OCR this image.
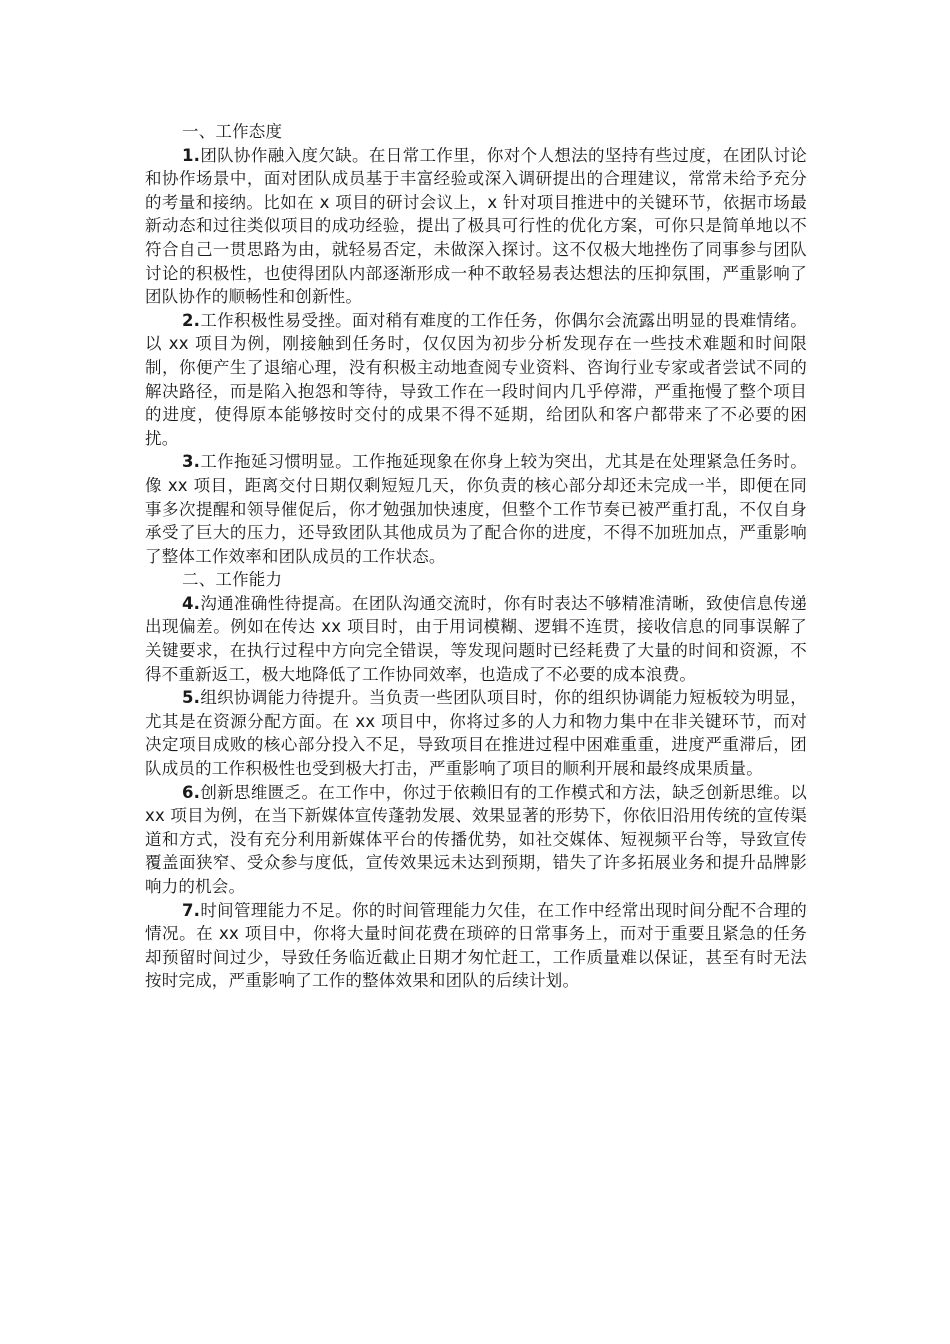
一、工作态度

1.团队协作融入度欠缺。在日常工作里，你对个人想法的坚持有些过度，在团队讨论和协作场景中，面对团队成员基于丰富经验或深入调研提出的合理建议，常常未给予充分的考量和接纳。比如在 x 项目的研讨会议上，x 针对项目推进中的关键环节，依据市场最新动态和过往类似项目的成功经验，提出了极具可行性的优化方案，可你只是简单地以不符合自己一贯思路为由，就轻易否定，未做深入探讨。这不仅极大地挫伤了同事参与团队讨论的积极性，也使得团队内部逐渐形成一种不敢轻易表达想法的压抑氛围，严重影响了团队协作的顺畅性和创新性。

2.工作积极性易受挫。面对稍有难度的工作任务，你偶尔会流露出明显的畏难情绪。以 xx 项目为例，刚接触到任务时，仅仅因为初步分析发现存在一些技术难题和时间限制，你便产生了退缩心理，没有积极主动地查阅专业资料、咨询行业专家或者尝试不同的解决路径，而是陷入抱怨和等待，导致工作在一段时间内几乎停滞，严重拖慢了整个项目的进度，使得原本能够按时交付的成果不得不延期，给团队和客户都带来了不必要的困扰。

3.工作拖延习惯明显。工作拖延现象在你身上较为突出，尤其是在处理紧急任务时。像 xx 项目，距离交付日期仅剩短短几天，你负责的核心部分却还未完成一半，即便在同事多次提醒和领导催促后，你才勉强加快速度，但整个工作节奏已被严重打乱，不仅自身承受了巨大的压力，还导致团队其他成员为了配合你的进度，不得不加班加点，严重影响了整体工作效率和团队成员的工作状态。

二、工作能力

4.沟通准确性待提高。在团队沟通交流时，你有时表达不够精准清晰，致使信息传递出现偏差。例如在传达 xx 项目时，由于用词模糊、逻辑不连贯，接收信息的同事误解了关键要求，在执行过程中方向完全错误，等发现问题时已经耗费了大量的时间和资源，不得不重新返工，极大地降低了工作协同效率，也造成了不必要的成本浪费。

5.组织协调能力待提升。当负责一些团队项目时，你的组织协调能力短板较为明显，尤其是在资源分配方面。在 xx 项目中，你将过多的人力和物力集中在非关键环节，而对决定项目成败的核心部分投入不足，导致项目在推进过程中困难重重，进度严重滞后，团队成员的工作积极性也受到极大打击，严重影响了项目的顺利开展和最终成果质量。

6.创新思维匮乏。在工作中，你过于依赖旧有的工作模式和方法，缺乏创新思维。以 xx 项目为例，在当下新媒体宣传蓬勃发展、效果显著的形势下，你依旧沿用传统的宣传渠道和方式，没有充分利用新媒体平台的传播优势，如社交媒体、短视频平台等，导致宣传覆盖面狭窄、受众参与度低，宣传效果远未达到预期，错失了许多拓展业务和提升品牌影响力的机会。

7.时间管理能力不足。你的时间管理能力欠佳，在工作中经常出现时间分配不合理的情况。在 xx 项目中，你将大量时间花费在琐碎的日常事务上，而对于重要且紧急的任务却预留时间过少，导致任务临近截止日期才匆忙赶工，工作质量难以保证，甚至有时无法按时完成，严重影响了工作的整体效果和团队的后续计划。
